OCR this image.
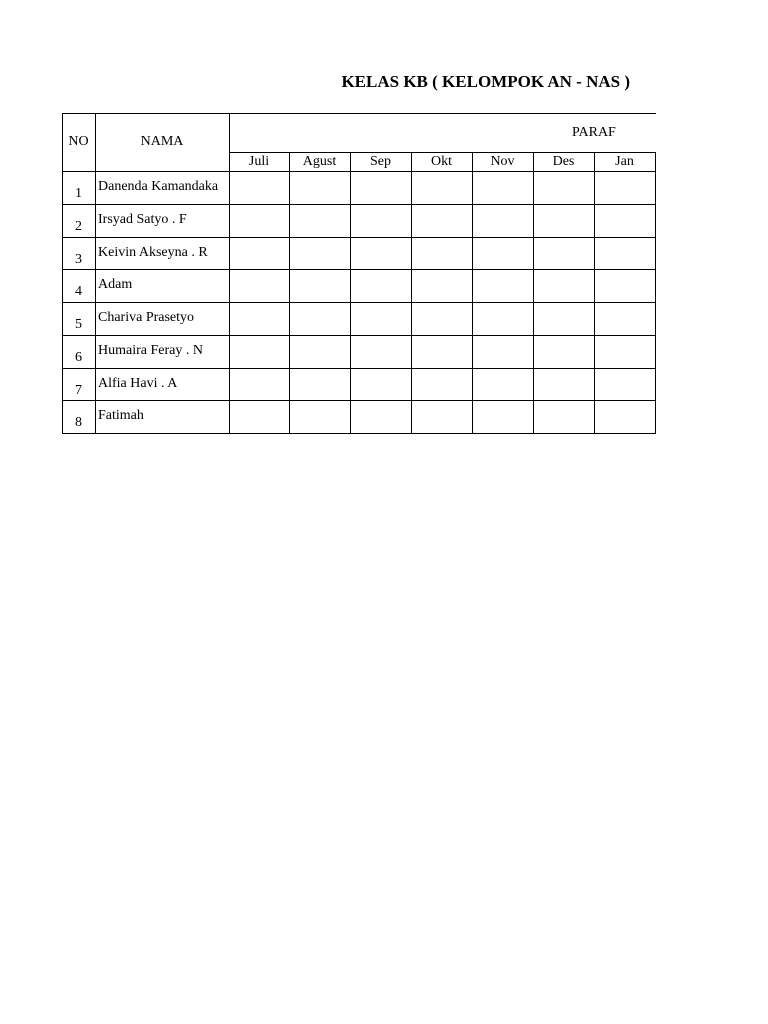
KELAS KB ( KELOMPOK AN - NAS )
NO	NAMA
PARAF
Juli	Agust	Sep	Okt	Nov	Des	Jan
1	Danenda Kamandaka
2	Irsyad Satyo . F
3	Keivin Akseyna . R
4	Adam
5	Chariva Prasetyo
6	Humaira Feray . N
7	Alfia Havi . A
8	Fatimah
